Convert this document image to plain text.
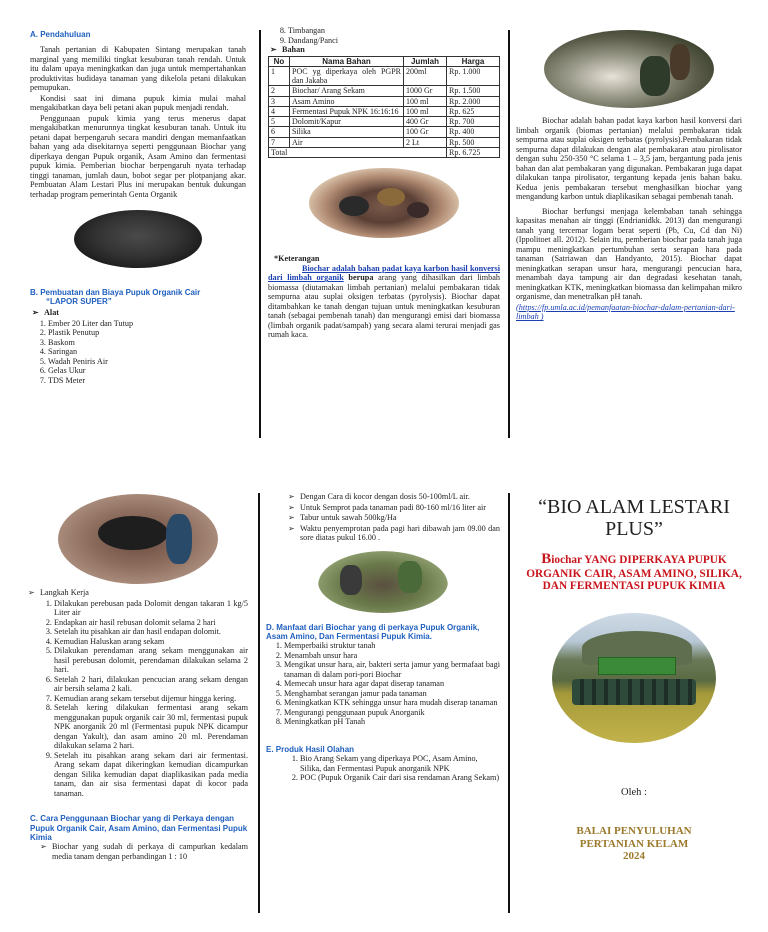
A. Pendahuluan

Tanah pertanian di Kabupaten Sintang merupakan tanah marginal yang memiliki tingkat kesuburan tanah rendah. Untuk itu dalam upaya meningkatkan dan juga untuk mempertahankan produktivitas budidaya tanaman yang dikelola petani dilakukan pemupukan.

Kondisi saat ini dimana pupuk kimia mulai mahal mengakibatkan daya beli petani akan pupuk menjadi rendah.

Penggunaan pupuk kimia yang terus menerus dapat mengakibatkan menurunnya tingkat kesuburan tanah. Untuk itu petani dapat berpengaruh secara mandiri dengan memanfaatkan bahan yang ada disekitarnya seperti penggunaan Biochar yang diperkaya dengan Pupuk organik, Asam Amino dan fermentasi pupuk kimia. Pemberian biochar berpengaruh nyata terhadap tinggi tanaman, jumlah daun, bobot segar per plotpanjang akar. Pembuatan Alam Lestari Plus ini merupakan bentuk dukungan terhadap program pemerintah Genta Organik

B. Pembuatan dan Biaya Pupuk Organik Cair
“LAPOR SUPER”
➢ Alat
1. Ember 20 Liter dan Tutup
2. Plastik Penutup
3. Baskom
4. Saringan
5. Wadah Peniris Air
6. Gelas Ukur
7. TDS Meter
8. Timbangan
9. Dandang/Panci
➢ Bahan
No	Nama Bahan	Jumlah	Harga
1	POC yg diperkaya oleh PGPR dan Jakaba	200ml	Rp. 1.000
2	Biochar/ Arang Sekam	1000 Gr	Rp. 1.500
3	Asam Amino	100 ml	Rp. 2.000
4	Fermentasi Pupuk NPK 16:16:16	100 ml	Rp. 625
5	Dolomit/Kapur	400 Gr	Rp. 700
6	Silika	100 Gr	Rp. 400
7	Air	2 Lt	Rp. 500
Total			Rp. 6.725
*Keterangan

Biochar adalah bahan padat kaya karbon hasil konversi dari limbah organik berupa arang yang dihasilkan dari limbah biomassa (diutamakan limbah pertanian) melalui pembakaran tidak sempurna atau suplai oksigen terbatas (pyrolysis). Biochar dapat ditambahkan ke tanah dengan tujuan untuk meningkatkan kesuburan tanah (sebagai pembenah tanah) dan mengurangi emisi dari biomassa (limbah organik padat/sampah) yang secara alami terurai menjadi gas rumah kaca.

Biochar adalah bahan padat kaya karbon hasil konversi dari limbah organik (biomas pertanian) melalui pembakaran tidak sempurna atau suplai oksigen terbatas (pyrolysis).Pembakaran tidak sempurna dapat dilakukan dengan alat pembakaran atau pirolisator dengan suhu 250-350 °C selama 1 – 3,5 jam, bergantung pada jenis bahan dan alat pembakaran yang digunakan. Pembakaran juga dapat dilakukan tanpa pirolisator, tergantung kepada jenis bahan baku. Kedua jenis pembakaran tersebut menghasilkan biochar yang mengandung karbon untuk diaplikasikan sebagai pembenah tanah.

Biochar berfungsi menjaga kelembaban tanah sehingga kapasitas menahan air tinggi (Endrianidkk. 2013) dan mengurangi tanah yang tercemar logam berat seperti (Pb, Cu, Cd dan Ni) (Ippolitoet all. 2012). Selain itu, pemberian biochar pada tanah juga mampu meningkatkan pertumbuhan serta serapan hara pada tanaman (Satriawan dan Handyanto, 2015). Biochar dapat meningkatkan serapan unsur hara, mengurangi pencucian hara, menambah daya tampung air dan degradasi kesehatan tanah, meningkatkan KTK, meningkatkan biomassa dan kelimpahan mikro organisme, dan menetralkan pH tanah.

(https://fp.umla.ac.id/pemanfaatan-biochar-dalam-pertanian-dari-limbah )

➢ Langkah Kerja
1. Dilakukan perebusan pada Dolomit dengan takaran 1 kg/5 Liter air
2. Endapkan air hasil rebusan dolomit selama 2 hari
3. Setelah itu pisahkan air dan hasil endapan dolomit.
4. Kemudian Haluskan arang sekam
5. Dilakukan perendaman arang sekam menggunakan air hasil perebusan dolomit, perendaman dilakukan selama 2 hari.
6. Setelah 2 hari, dilakukan pencucian arang sekam dengan air bersih selama 2 kali.
7. Kemudian arang sekam tersebut dijemur hingga kering.
8. Setelah kering dilakukan fermentasi arang sekam menggunakan pupuk organik cair 30 ml, fermentasi pupuk NPK anorganik 20 ml (Fermentasi pupuk NPK dicampur dengan Yakult), dan asam amino 20 ml. Perendaman dilakukan selama 2 hari.
9. Setelah itu pisahkan arang sekam dari air fermentasi. Arang sekam dapat dikeringkan kemudian dicampurkan dengan Silika kemudian dapat diaplikasikan pada media tanam, dan air sisa fermentasi dapat di kocor pada tanaman.
C. Cara Penggunaan Biochar yang di Perkaya dengan Pupuk Organik Cair, Asam Amino, dan Fermentasi Pupuk Kimia
➢ Biochar yang sudah di perkaya di campurkan kedalam media tanam dengan perbandingan 1 : 10
➢ Dengan Cara di kocor dengan dosis 50-100ml/L air.
➢ Untuk Semprot pada tanaman padi 80-160 ml/16 liter air
➢ Tabur untuk sawah 500kg/Ha
➢ Waktu penyemprotan pada pagi hari dibawah jam 09.00 dan sore diatas pukul 16.00 .
D. Manfaat dari Biochar yang di perkaya Pupuk Organik, Asam Amino, Dan Fermentasi Pupuk Kimia.
1. Memperbaiki struktur tanah
2. Menambah unsur hara
3. Mengikat unsur hara, air, bakteri serta jamur yang bermafaat bagi tanaman di dalam pori-pori Biochar
4. Memecah unsur hara agar dapat diserap tanaman
5. Menghambat serangan jamur pada tanaman
6. Meningkatkan KTK sehingga unsur hara mudah diserap tanaman
7. Mengurangi penggunaan pupuk Anorganik
8. Meningkatkan pH Tanah
E. Produk Hasil Olahan
1. Bio Arang Sekam yang diperkaya POC, Asam Amino, Silika, dan Fermentasi Pupuk anorganik NPK
2. POC (Pupuk Organik Cair dari sisa rendaman Arang Sekam)
“BIO ALAM LESTARI PLUS”
Biochar YANG DIPERKAYA PUPUK ORGANIK CAIR, ASAM AMINO, SILIKA, DAN FERMENTASI PUPUK KIMIA
Oleh :
BALAI PENYULUHAN
PERTANIAN KELAM
2024
